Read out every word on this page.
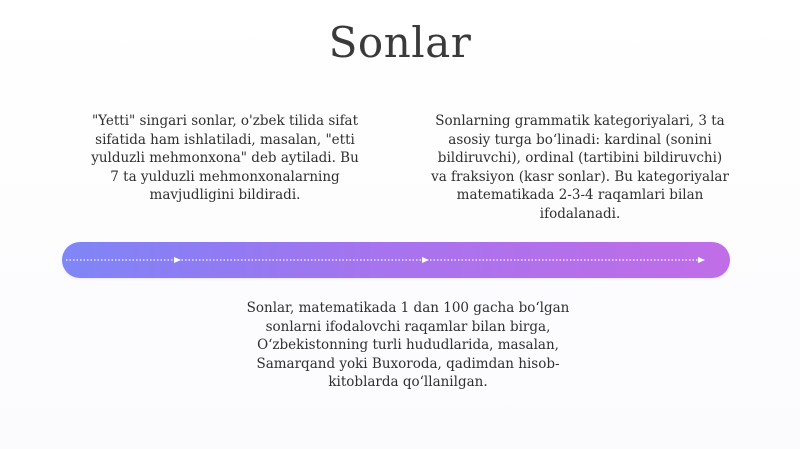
Sonlar
"Yetti" singari sonlar, o'zbek tilida sifat
sifatida ham ishlatiladi, masalan, "etti
yulduzli mehmonxona" deb aytiladi. Bu
7 ta yulduzli mehmonxonalarning
mavjudligini bildiradi.
Sonlarning grammatik kategoriyalari, 3 ta
asosiy turga bo‘linadi: kardinal (sonini
bildiruvchi), ordinal (tartibini bildiruvchi)
va fraksiyon (kasr sonlar). Bu kategoriyalar
matematikada 2-3-4 raqamlari bilan
ifodalanadi.
Sonlar, matematikada 1 dan 100 gacha bo‘lgan
sonlarni ifodalovchi raqamlar bilan birga,
O‘zbekistonning turli hududlarida, masalan,
Samarqand yoki Buxoroda, qadimdan hisob-
kitoblarda qo‘llanilgan.
